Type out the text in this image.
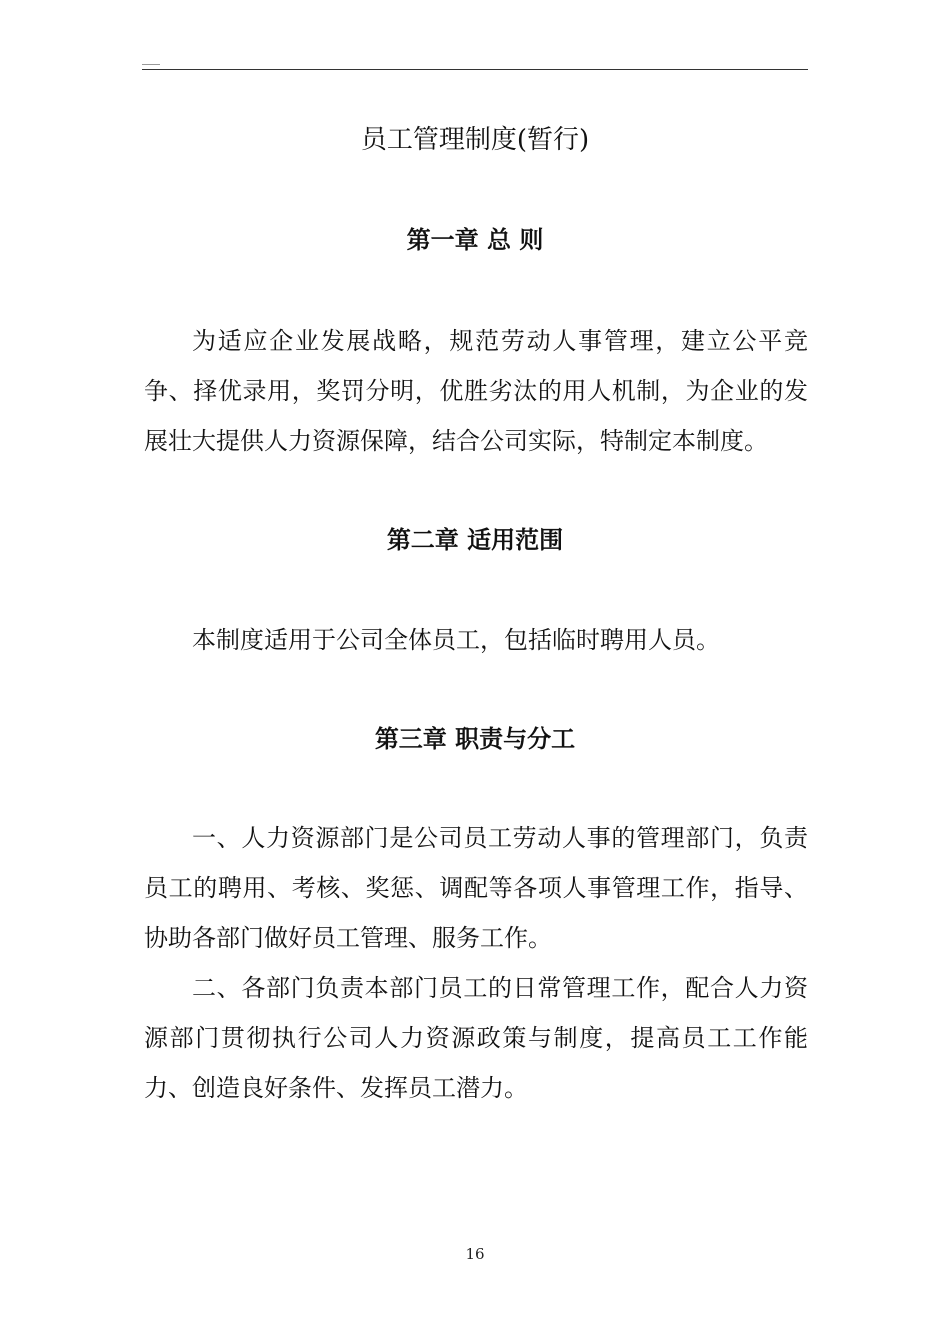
员工管理制度(暂行)
第一章 总 则

为适应企业发展战略，规范劳动人事管理，建立公平竞争、择优录用，奖罚分明，优胜劣汰的用人机制，为企业的发展壮大提供人力资源保障，结合公司实际，特制定本制度。

第二章 适用范围

本制度适用于公司全体员工，包括临时聘用人员。

第三章 职责与分工

一、人力资源部门是公司员工劳动人事的管理部门，负责员工的聘用、考核、奖惩、调配等各项人事管理工作，指导、协助各部门做好员工管理、服务工作。

二、各部门负责本部门员工的日常管理工作，配合人力资源部门贯彻执行公司人力资源政策与制度，提高员工工作能力、创造良好条件、发挥员工潜力。

16
